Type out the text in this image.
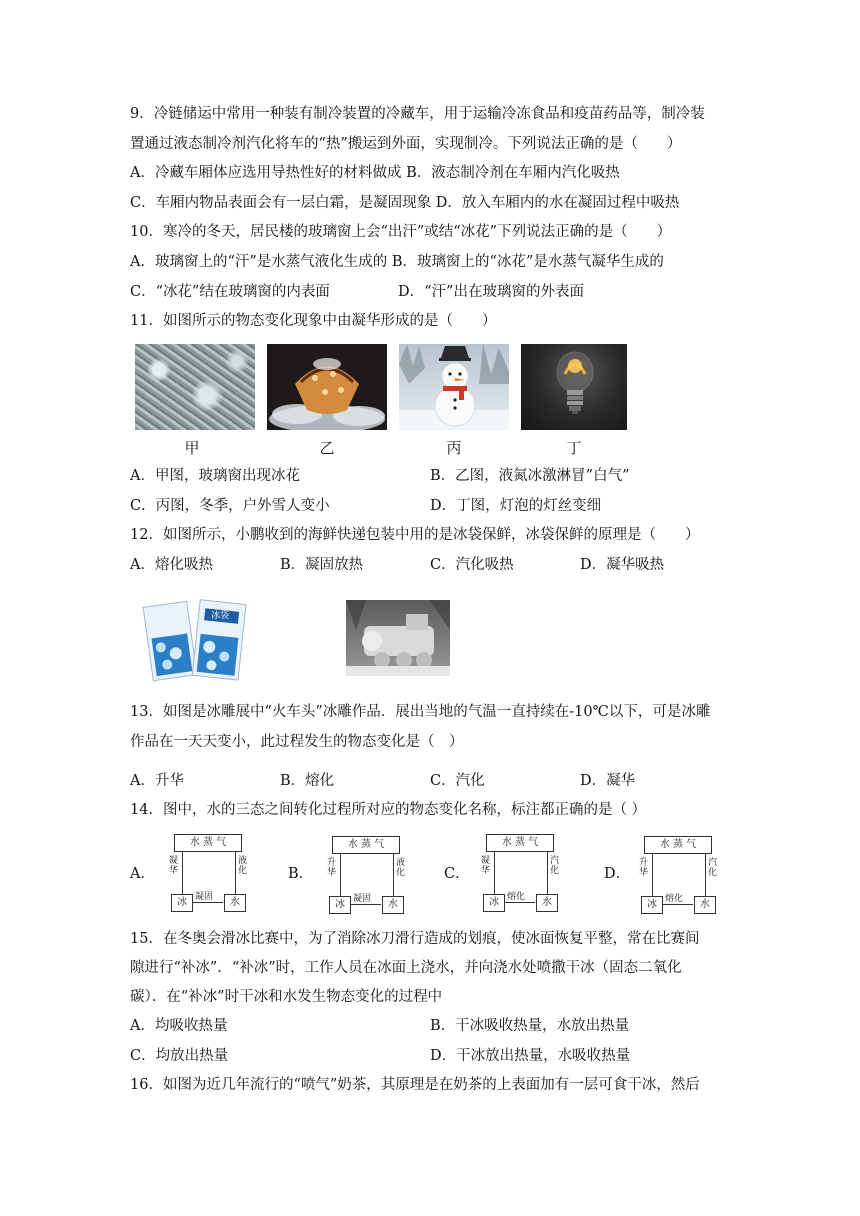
9．冷链储运中常用一种装有制冷装置的冷藏车，用于运输冷冻食品和疫苗药品等，制冷装
置通过液态制冷剂汽化将车的“热”搬运到外面，实现制冷。下列说法正确的是（　　）
A．冷藏车厢体应选用导热性好的材料做成 B．液态制冷剂在车厢内汽化吸热
C．车厢内物品表面会有一层白霜，是凝固现象 D．放入车厢内的水在凝固过程中吸热
10．寒冷的冬天，居民楼的玻璃窗上会“出汗”或结“冰花”下列说法正确的是（　　）
A．玻璃窗上的“汗”是水蒸气液化生成的 B．玻璃窗上的“冰花”是水蒸气凝华生成的
C．“冰花”结在玻璃窗的内表面	D．“汗”出在玻璃窗的外表面
11．如图所示的物态变化现象中由凝华形成的是（　　）
甲	乙	丙	丁
A．甲图，玻璃窗出现冰花	B．乙图，液氮冰激淋冒”白气”
C．丙图，冬季，户外雪人变小	D．丁图，灯泡的灯丝变细
12．如图所示，小鹏收到的海鲜快递包装中用的是冰袋保鲜，冰袋保鲜的原理是（　　）
A．熔化吸热	B．凝固放热	C．汽化吸热	D．凝华吸热
冰袋
13．如图是冰雕展中“火车头”冰雕作品．展出当地的气温一直持续在-10℃以下，可是冰雕
作品在一天天变小，此过程发生的物态变化是（　）
A．升华	B．熔化	C．汽化	D．凝华
14．图中，水的三态之间转化过程所对应的物态变化名称，标注都正确的是（ ）
A．
水 蒸 气
凝华
液化
冰	水
凝固
B．
水 蒸 气
升华
液化
冰	水
凝固
C．
水 蒸 气
凝华
汽化
冰	水
熔化
D．
水 蒸 气
升华
汽化
冰	水
熔化
15．在冬奥会滑冰比赛中，为了消除冰刀滑行造成的划痕，使冰面恢复平整，常在比赛间
隙进行“补冰”．“补冰”时，工作人员在冰面上浇水，并向浇水处喷撒干冰（固态二氧化
碳）．在“补冰”时干冰和水发生物态变化的过程中
A．均吸收热量	B．干冰吸收热量，水放出热量
C．均放出热量	D．干冰放出热量，水吸收热量
16．如图为近几年流行的“喷气”奶茶，其原理是在奶茶的上表面加有一层可食干冰，然后
